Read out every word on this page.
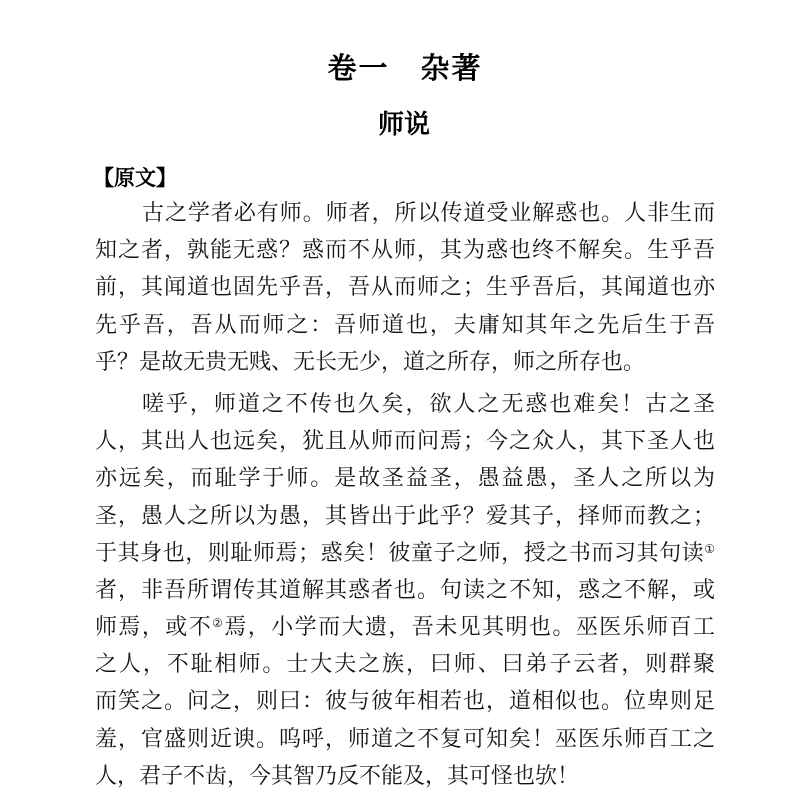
卷一　杂著
师说
【原文】
古之学者必有师。师者，所以传道受业解惑也。人非生而
知之者，孰能无惑？惑而不从师，其为惑也终不解矣。生乎吾
前，其闻道也固先乎吾，吾从而师之；生乎吾后，其闻道也亦
先乎吾，吾从而师之：吾师道也，夫庸知其年之先后生于吾
乎？是故无贵无贱、无长无少，道之所存，师之所存也。
嗟乎，师道之不传也久矣，欲人之无惑也难矣！古之圣
人，其出人也远矣，犹且从师而问焉；今之众人，其下圣人也
亦远矣，而耻学于师。是故圣益圣，愚益愚，圣人之所以为
圣，愚人之所以为愚，其皆出于此乎？爱其子，择师而教之；
于其身也，则耻师焉；惑矣！彼童子之师，授之书而习其句读①
者，非吾所谓传其道解其惑者也。句读之不知，惑之不解，或
师焉，或不②焉，小学而大遗，吾未见其明也。巫医乐师百工
之人，不耻相师。士大夫之族，曰师、曰弟子云者，则群聚
而笑之。问之，则曰：彼与彼年相若也，道相似也。位卑则足
羞，官盛则近谀。呜呼，师道之不复可知矣！巫医乐师百工之
人，君子不齿，今其智乃反不能及，其可怪也欤！
